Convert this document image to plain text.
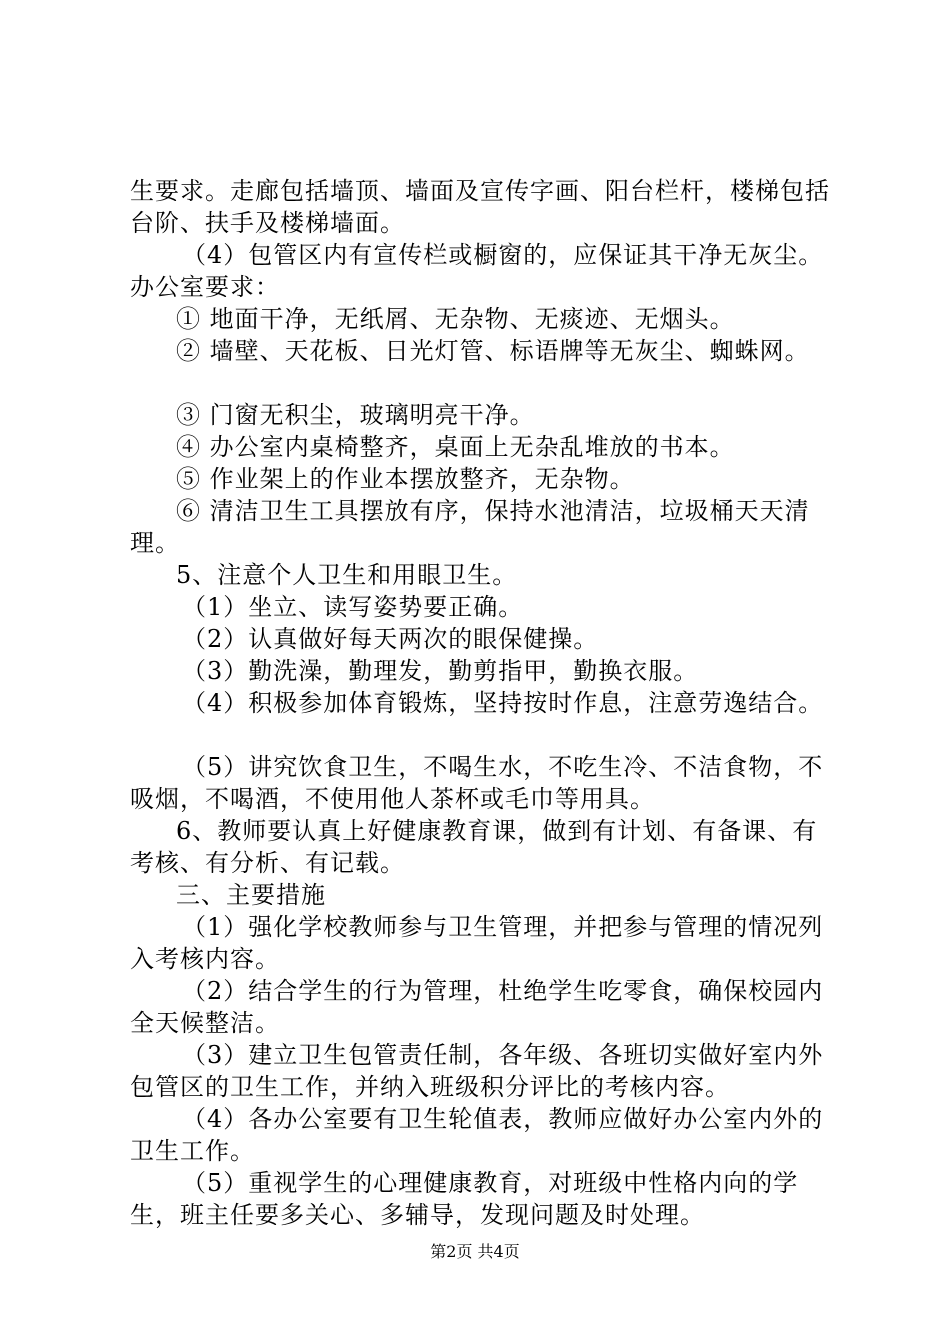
生要求。走廊包括墙顶、墙面及宣传字画、阳台栏杆，楼梯包括台阶、扶手及楼梯墙面。

（4）包管区内有宣传栏或橱窗的，应保证其干净无灰尘。

办公室要求：

① 地面干净，无纸屑、无杂物、无痰迹、无烟头。

② 墙壁、天花板、日光灯管、标语牌等无灰尘、蜘蛛网。

③ 门窗无积尘，玻璃明亮干净。

④ 办公室内桌椅整齐，桌面上无杂乱堆放的书本。

⑤ 作业架上的作业本摆放整齐，无杂物。

⑥ 清洁卫生工具摆放有序，保持水池清洁，垃圾桶天天清理。

5、注意个人卫生和用眼卫生。

（1）坐立、读写姿势要正确。

（2）认真做好每天两次的眼保健操。

（3）勤洗澡，勤理发，勤剪指甲，勤换衣服。

（4）积极参加体育锻炼，坚持按时作息，注意劳逸结合。

（5）讲究饮食卫生，不喝生水，不吃生冷、不洁食物，不吸烟，不喝酒，不使用他人茶杯或毛巾等用具。

6、教师要认真上好健康教育课，做到有计划、有备课、有考核、有分析、有记载。

三、主要措施

（1）强化学校教师参与卫生管理，并把参与管理的情况列入考核内容。

（2）结合学生的行为管理，杜绝学生吃零食，确保校园内全天候整洁。

（3）建立卫生包管责任制，各年级、各班切实做好室内外包管区的卫生工作，并纳入班级积分评比的考核内容。

（4）各办公室要有卫生轮值表，教师应做好办公室内外的卫生工作。

（5）重视学生的心理健康教育，对班级中性格内向的学生，班主任要多关心、多辅导，发现问题及时处理。

第2页 共4页
